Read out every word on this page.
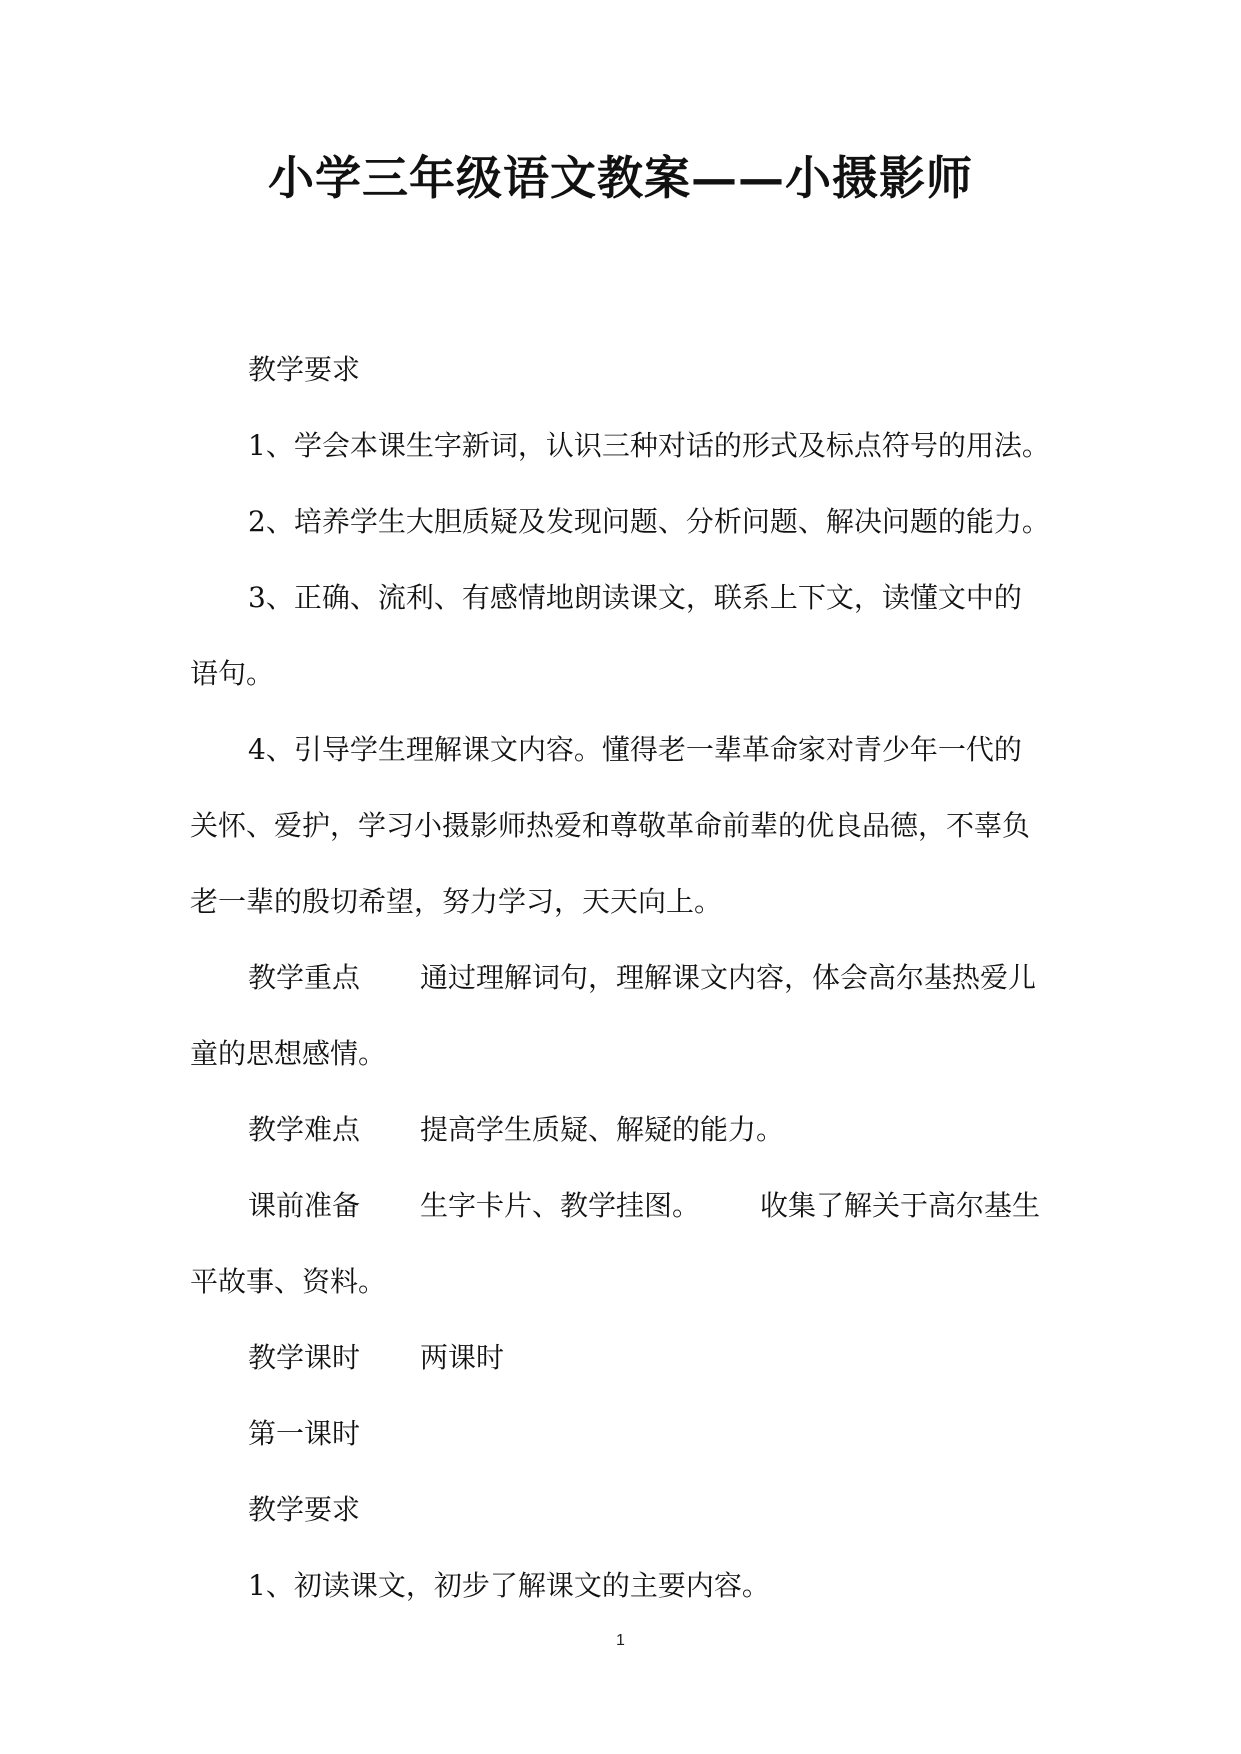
小学三年级语文教案——小摄影师
教学要求
1、学会本课生字新词，认识三种对话的形式及标点符号的用法。
2、培养学生大胆质疑及发现问题、分析问题、解决问题的能力。
3、正确、流利、有感情地朗读课文，联系上下文，读懂文中的
语句。
4、引导学生理解课文内容。懂得老一辈革命家对青少年一代的
关怀、爱护，学习小摄影师热爱和尊敬革命前辈的优良品德，不辜负
老一辈的殷切希望，努力学习，天天向上。
教学重点 通过理解词句，理解课文内容，体会高尔基热爱儿
童的思想感情。
教学难点 提高学生质疑、解疑的能力。
课前准备 生字卡片、教学挂图。 收集了解关于高尔基生
平故事、资料。
教学课时 两课时
第一课时
教学要求
1、初读课文，初步了解课文的主要内容。
1
